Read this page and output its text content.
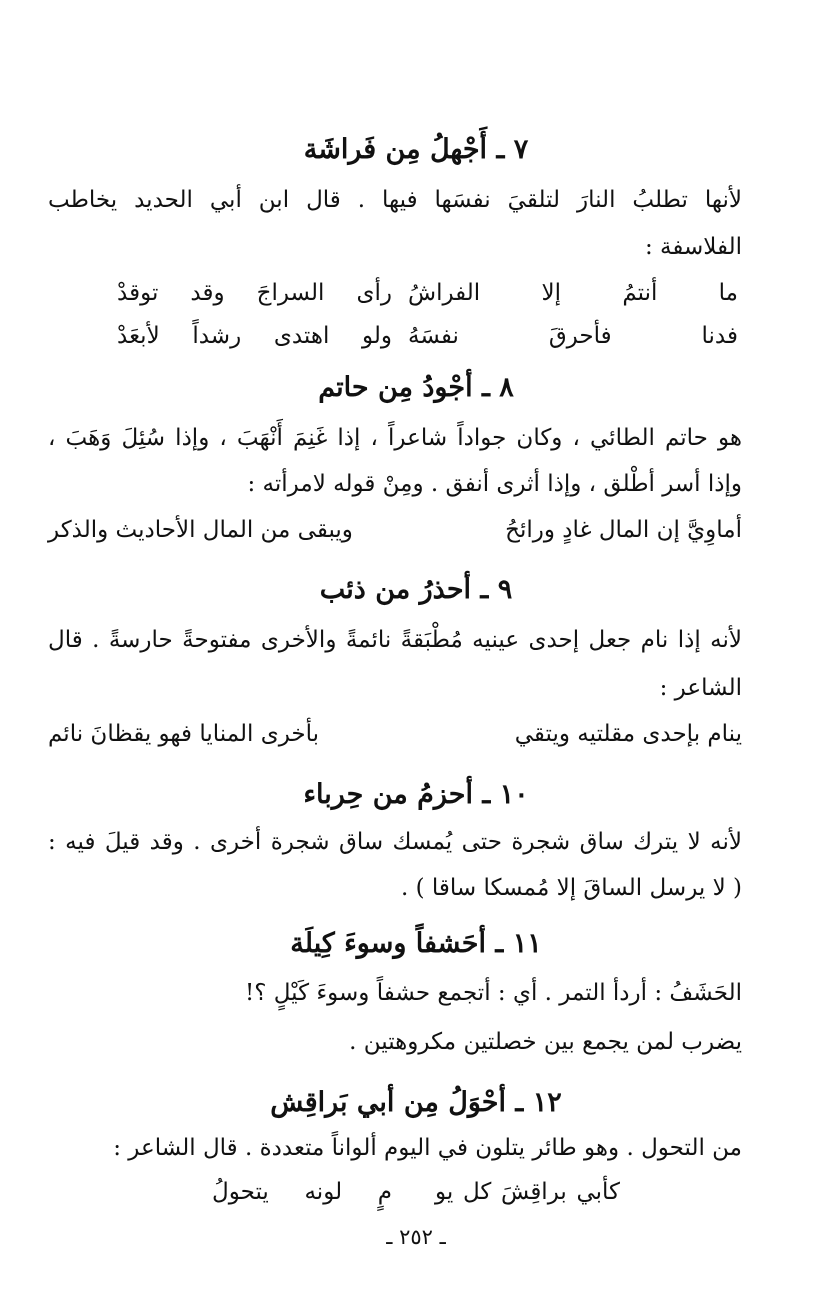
٧ ـ أَجْهلُ مِن فَراشَة
لأنها تطلبُ النارَ لتلقيَ نفسَها فيها . قال ابن أبي الحديد يخاطب
الفلاسفة :
ما أنتمُ إلا الفراشُ
رأى السراجَ وقد توقدْ
فدنا فأحرقَ نفسَهُ
ولو اهتدى رشداً لأبعَدْ
٨ ـ أجْودُ مِن حاتم
هو حاتم الطائي ، وكان جواداً شاعراً ، إذا غَنِمَ أَنْهَبَ ، وإذا سُئِلَ وَهَبَ ،
وإذا أسر أطْلق ، وإذا أثرى أنفق . ومِنْ قوله لامرأته :
أماوِيَّ إن المال غادٍ ورائحُ
ويبقى من المال الأحاديث والذكر
٩ ـ أحذرُ من ذئب
لأنه إذا نام جعل إحدى عينيه مُطْبَقةً نائمةً والأخرى مفتوحةً حارسةً . قال
الشاعر :
ينام بإحدى مقلتيه ويتقي
بأخرى المنايا فهو يقظانَ نائم
١٠ ـ أحزمُ من حِرباء
لأنه لا يترك ساق شجرة حتى يُمسك ساق شجرة أخرى . وقد قيلَ فيه :
( لا يرسل الساقَ إلا مُمسكا ساقا ) .
١١ ـ أحَشفاً وسوءَ كِيلَة
الحَشَفُ : أردأ التمر . أي : أتجمع حشفاً وسوءَ كَيْلٍ ؟!
يضرب لمن يجمع بين خصلتين مكروهتين .
١٢ ـ أحْوَلُ مِن أبي بَراقِش
من التحول . وهو طائر يتلون في اليوم ألواناً متعددة . قال الشاعر :
كأبي براقِشَ كل يو
مٍ لونه يتحولُ
ـ ٢٥٢ ـ
